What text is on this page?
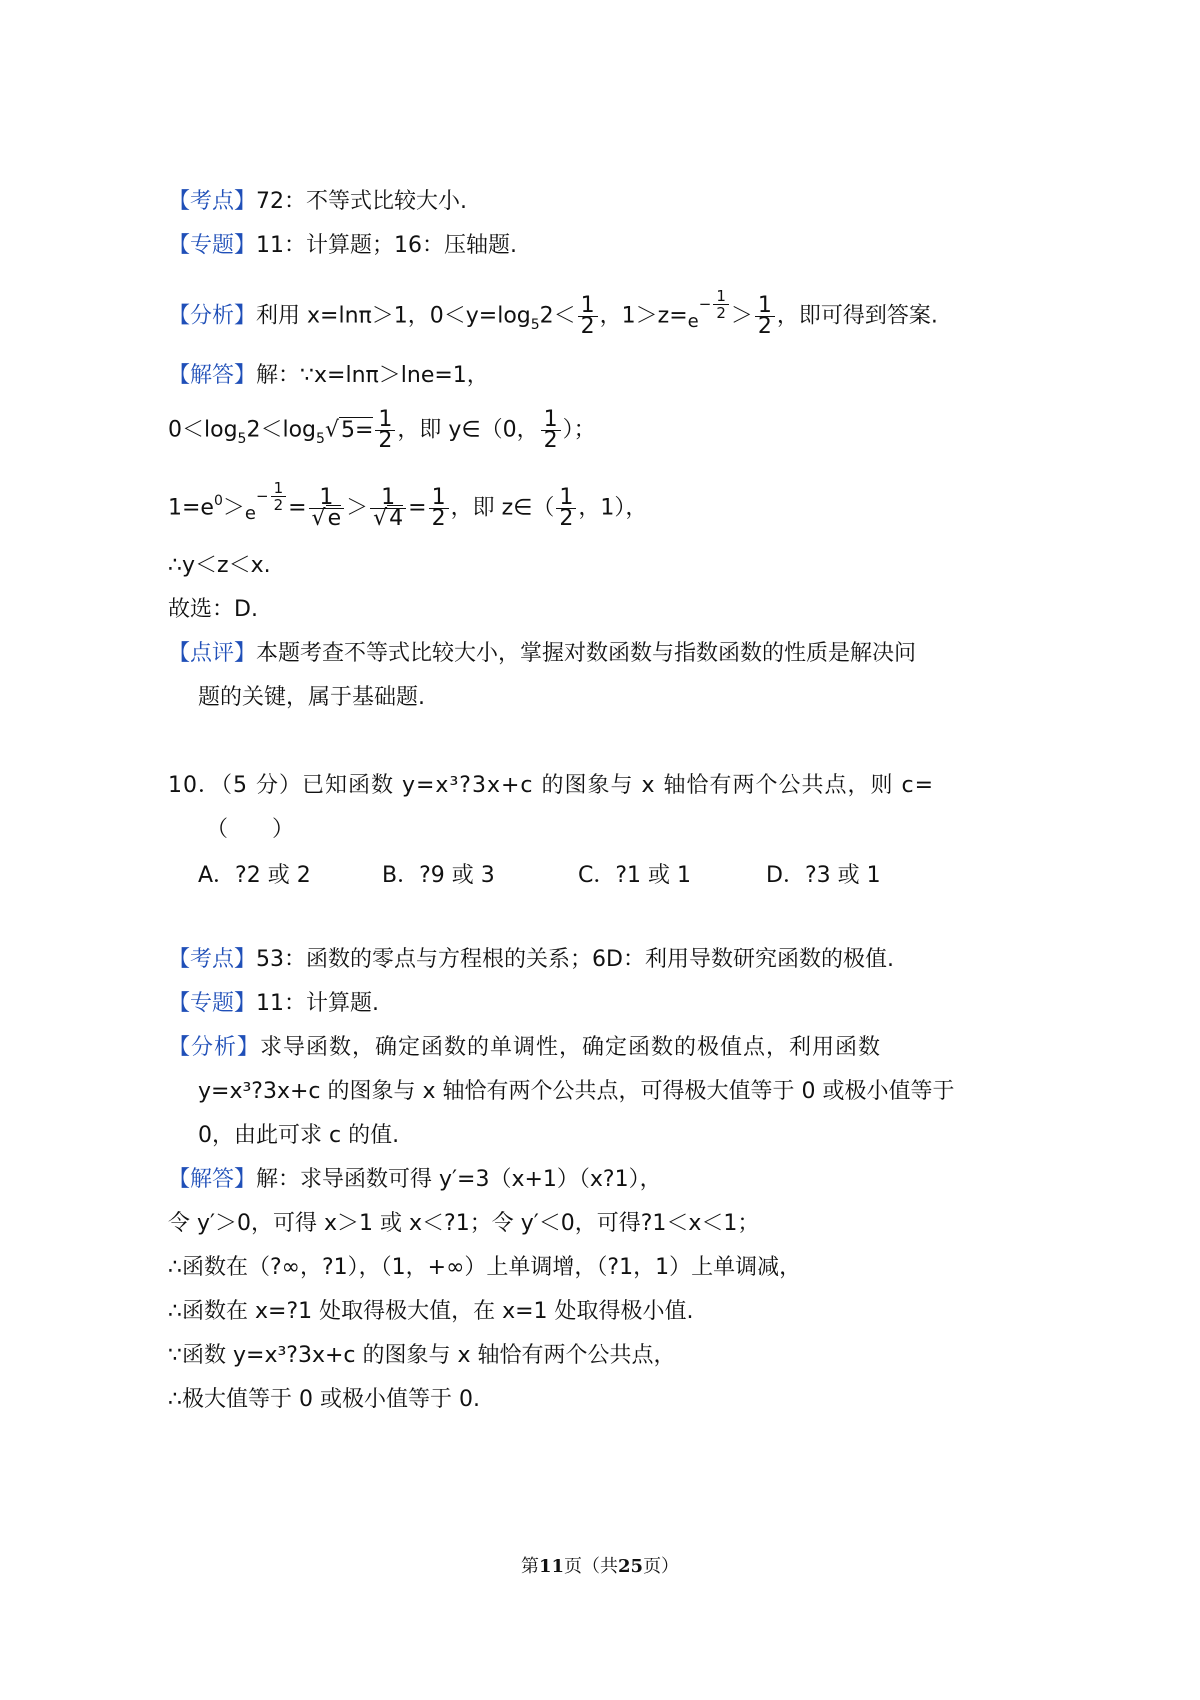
【考点】72：不等式比较大小.
【专题】11：计算题；16：压轴题.
【分析】利用 x=lnπ＞1，$0<y=\log_52< \frac{1}{2}$ ，$1>z=e- \frac{1}{2} > \frac{1}{2}$ ，即可得到答案.
【解答】解：∵x=lnπ＞lne=1，
$0<\log_52<\log_5√5= \frac{1}{2}$ ，即 y∈（0， $\frac{1}{2}$ ）；
$1=e^0>e- \frac{1}{2} = \frac{1}{√e} > \frac{1}{√4} = \frac{1}{2}$ ，即 z∈（ $\frac{1}{2}$ ，1），
∴y＜z＜x.
故选：D.
【点评】本题考查不等式比较大小，掌握对数函数与指数函数的性质是解决问
题的关键，属于基础题.
10．（5 分）已知函数 y=x³?3x+c 的图象与 x 轴恰有两个公共点，则 c=
（　　）
A．?2 或 2	B．?9 或 3	C．?1 或 1	D．?3 或 1
【考点】53：函数的零点与方程根的关系；6D：利用导数研究函数的极值.
【专题】11：计算题.
【分析】求导函数，确定函数的单调性，确定函数的极值点，利用函数
y=x³?3x+c 的图象与 x 轴恰有两个公共点，可得极大值等于 0 或极小值等于
0，由此可求 c 的值.
【解答】解：求导函数可得 y′=3（x+1）（x?1），
令 y′＞0，可得 x＞1 或 x＜?1；令 y′＜0，可得?1＜x＜1；
∴函数在（?∞，?1），（1，+∞）上单调增，（?1，1）上单调减，
∴函数在 x=?1 处取得极大值，在 x=1 处取得极小值.
∵函数 y=x³?3x+c 的图象与 x 轴恰有两个公共点，
∴极大值等于 0 或极小值等于 0.
第11页（共25页）
